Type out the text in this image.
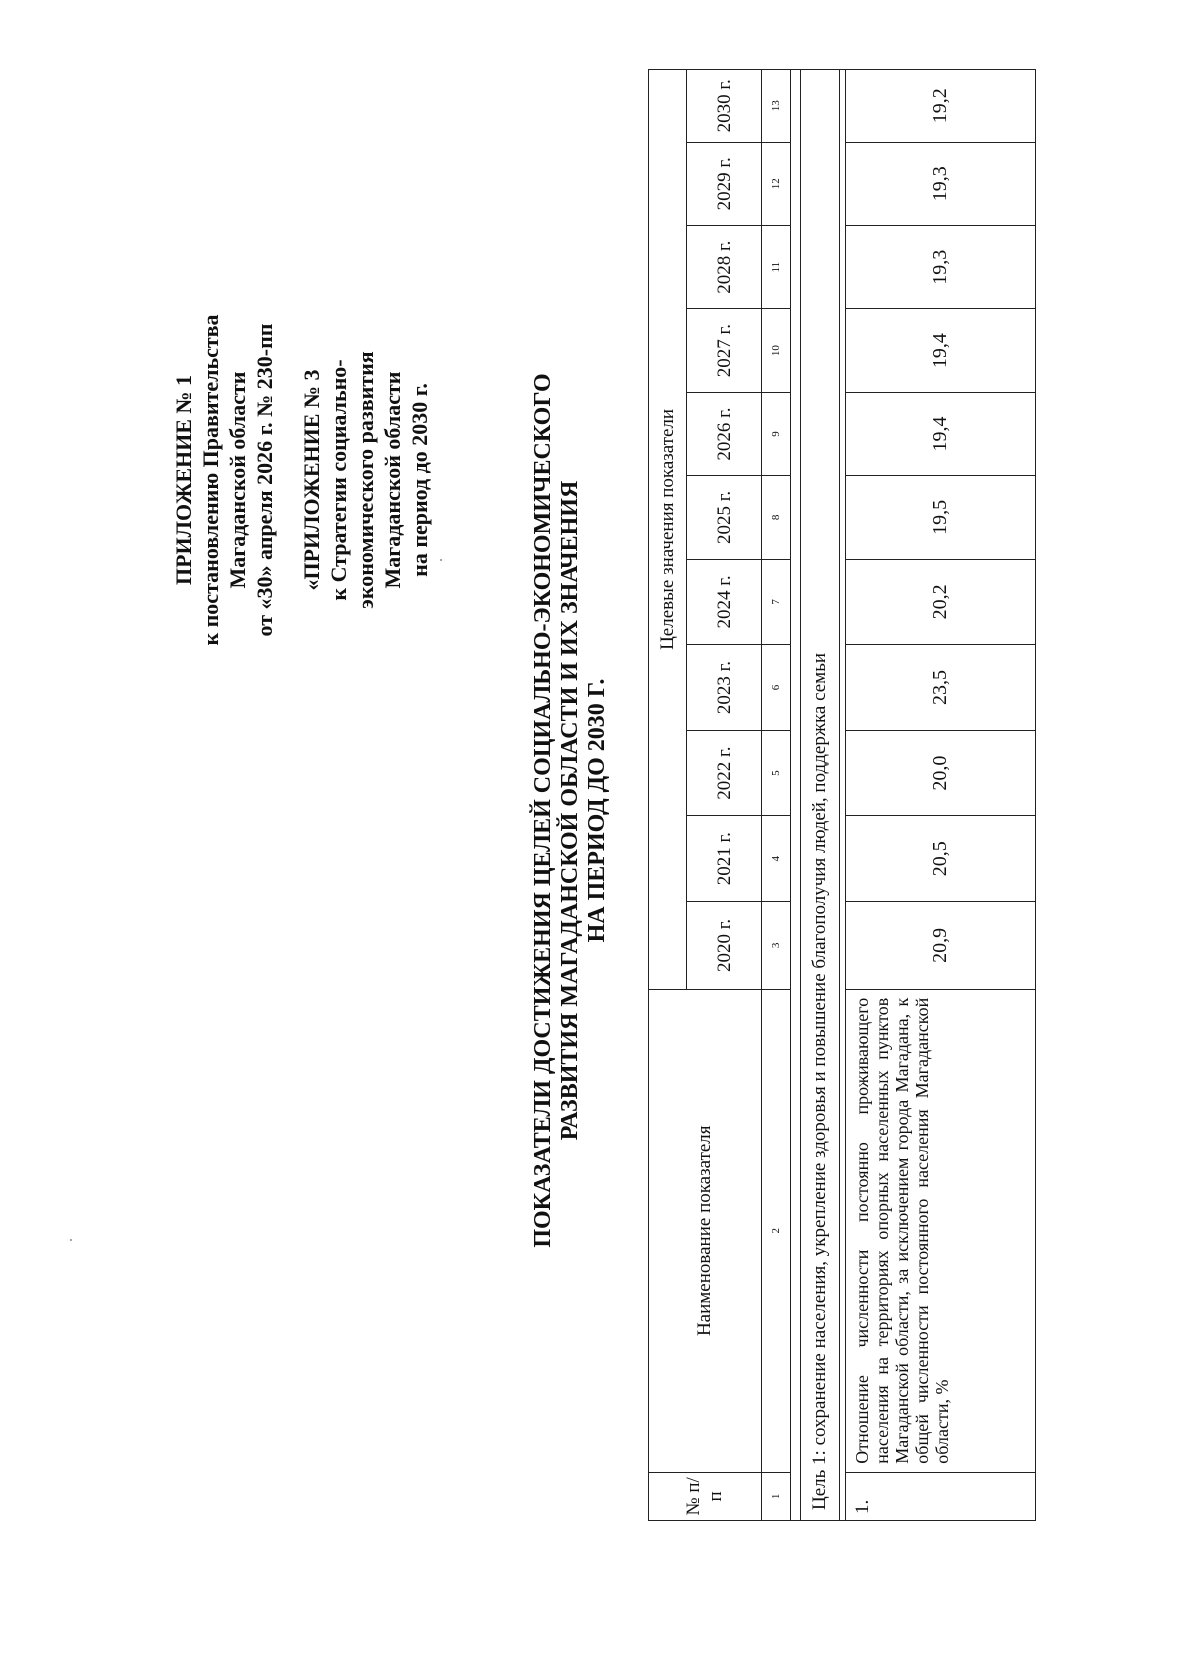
ПРИЛОЖЕНИЕ № 1 к постановлению Правительства Магаданской области от «30» апреля 2026 г. № 230-пп «ПРИЛОЖЕНИЕ № 3 к Стратегии социально- экономического развития Магаданской области на период до 2030 г.	ПОКАЗАТЕЛИ ДОСТИЖЕНИЯ ЦЕЛЕЙ СОЦИАЛЬНО-ЭКОНОМИЧЕСКОГО РАЗВИТИЯ МАГАДАНСКОЙ ОБЛАСТИ И ИХ ЗНАЧЕНИЯ НА ПЕРИОД ДО 2030 Г.
№ п/п	Наименование показателя	Целевые значения показатели										
		2020 г.	2021 г.	2022 г.	2023 г.	2024 г.	2025 г.	2026 г.	2027 г.	2028 г.	2029 г.	2030 г.
1	2	3	4	5	6	7	8	9	10	11	12	13

Цель 1: сохранение населения, укрепление здоровья и повышение благополучия людей, поддержка семьи												

1.	Отношение численности постоянно проживающего населения на территориях опорных населенных пунктов Магаданской области, за исключением города Магадана, к общей численности постоянного населения Магаданской области, %	20,9	20,5	20,0	23,5	20,2	19,5	19,4	19,4	19,3	19,3	19,2
